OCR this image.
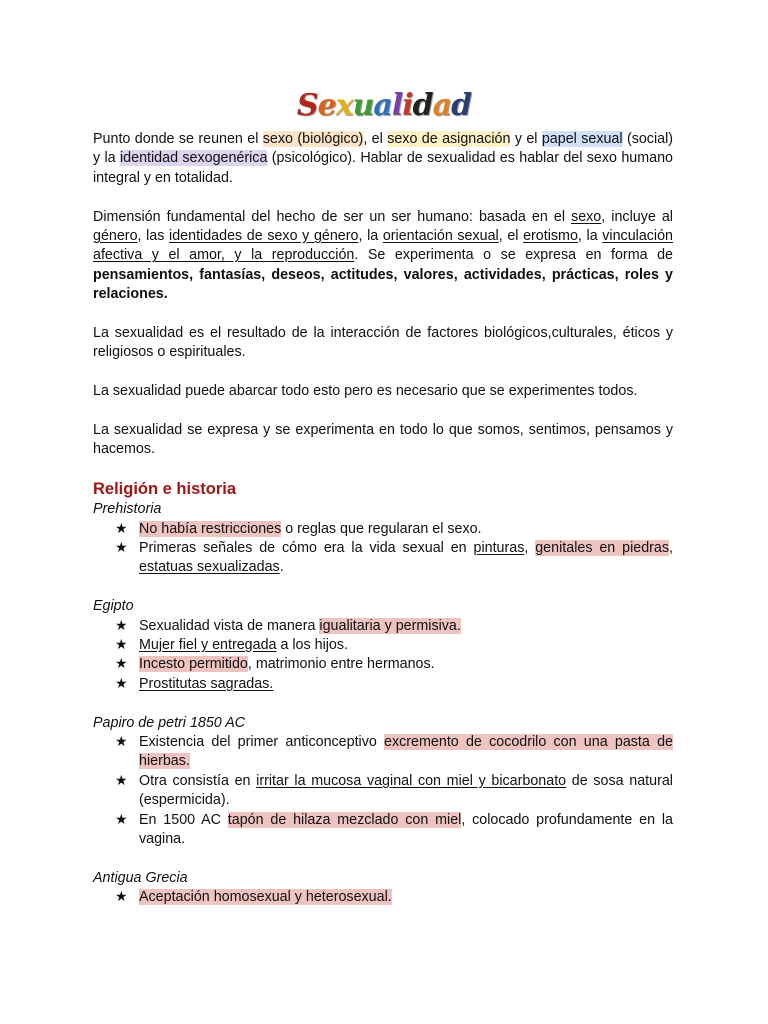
Sexualidad

Punto donde se reunen el sexo (biológico), el sexo de asignación y el papel sexual (social) y la identidad sexogenérica (psicológico). Hablar de sexualidad es hablar del sexo humano integral y en totalidad.

Dimensión fundamental del hecho de ser un ser humano: basada en el sexo, incluye al género, las identidades de sexo y género, la orientación sexual, el erotismo, la vinculación afectiva y el amor, y la reproducción. Se experimenta o se expresa en forma de pensamientos, fantasías, deseos, actitudes, valores, actividades, prácticas, roles y relaciones.

La sexualidad es el resultado de la interacción de factores biológicos,culturales, éticos y religiosos o espirituales.

La sexualidad puede abarcar todo esto pero es necesario que se experimentes todos.

La sexualidad se expresa y se experimenta en todo lo que somos, sentimos, pensamos y hacemos.

Religión e historia
Prehistoria
★ No había restricciones o reglas que regularan el sexo.
★ Primeras señales de cómo era la vida sexual en pinturas, genitales en piedras, estatuas sexualizadas.
Egipto
★ Sexualidad vista de manera igualitaria y permisiva.
★ Mujer fiel y entregada a los hijos.
★ Incesto permitido, matrimonio entre hermanos.
★ Prostitutas sagradas.
Papiro de petri 1850 AC
★ Existencia del primer anticonceptivo excremento de cocodrilo con una pasta de hierbas.
★ Otra consistía en irritar la mucosa vaginal con miel y bicarbonato de sosa natural (espermicida).
★ En 1500 AC tapón de hilaza mezclado con miel, colocado profundamente en la vagina.
Antigua Grecia
★ Aceptación homosexual y heterosexual.
